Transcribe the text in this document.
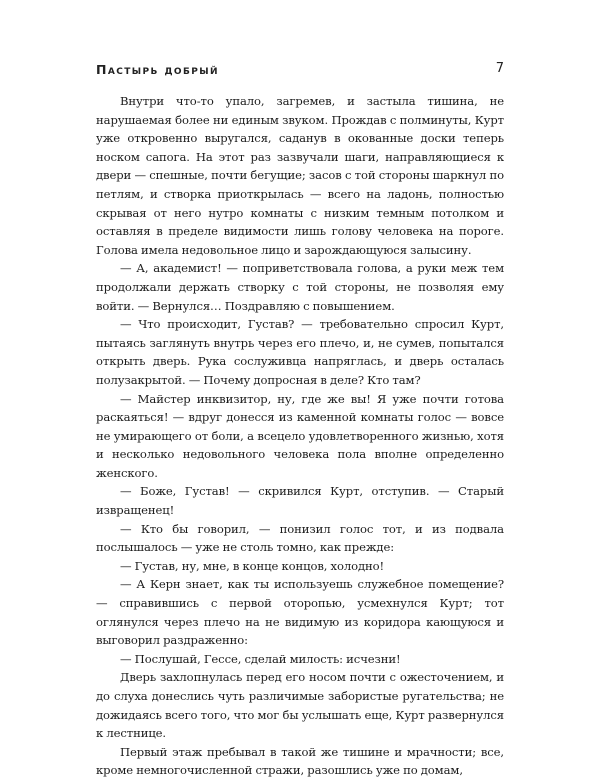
Пастырь добрый	7

Внутри что-то упало, загремев, и застыла тишина, не нарушаемая более ни единым звуком. Прождав с полминуты, Курт уже откровенно выругался, саданув в окованные доски теперь носком сапога. На этот раз зазвучали шаги, направляющиеся к двери — спешные, почти бегущие; засов с той стороны шаркнул по петлям, и створка приоткрылась — всего на ладонь, полностью скрывая от него нутро комнаты с низким темным потолком и оставляя в пределе видимости лишь голову человека на пороге. Голова имела недовольное лицо и зарождающуюся залысину.

— А, академист! — поприветствовала голова, а руки меж тем продолжали держать створку с той стороны, не позволяя ему войти. — Вернулся… Поздравляю с повышением.

— Что происходит, Густав? — требовательно спросил Курт, пытаясь заглянуть внутрь через его плечо, и, не сумев, попытался открыть дверь. Рука сослуживца напряглась, и дверь осталась полузакрытой. — Почему допросная в деле? Кто там?

— Майстер инквизитор, ну, где же вы! Я уже почти готова раскаяться! — вдруг донесся из каменной комнаты голос — вовсе не умирающего от боли, а всецело удовлетворенного жизнью, хотя и несколько недовольного человека пола вполне определенно женского.

— Боже, Густав! — скривился Курт, отступив. — Старый извращенец!

— Кто бы говорил, — понизил голос тот, и из подвала послышалось — уже не столь томно, как прежде:

— Густав, ну, мне, в конце концов, холодно!

— А Керн знает, как ты используешь служебное помещение? — справившись с первой оторопью, усмехнулся Курт; тот оглянулся через плечо на не видимую из коридора кающуюся и выговорил раздраженно:

— Послушай, Гессе, сделай милость: исчезни!

Дверь захлопнулась перед его носом почти с ожесточением, и до слуха донеслись чуть различимые забористые ругательства; не дожидаясь всего того, что мог бы услышать еще, Курт развернулся к лестнице.

Первый этаж пребывал в такой же тишине и мрачности; все, кроме немногочисленной стражи, разошлись уже по домам,
